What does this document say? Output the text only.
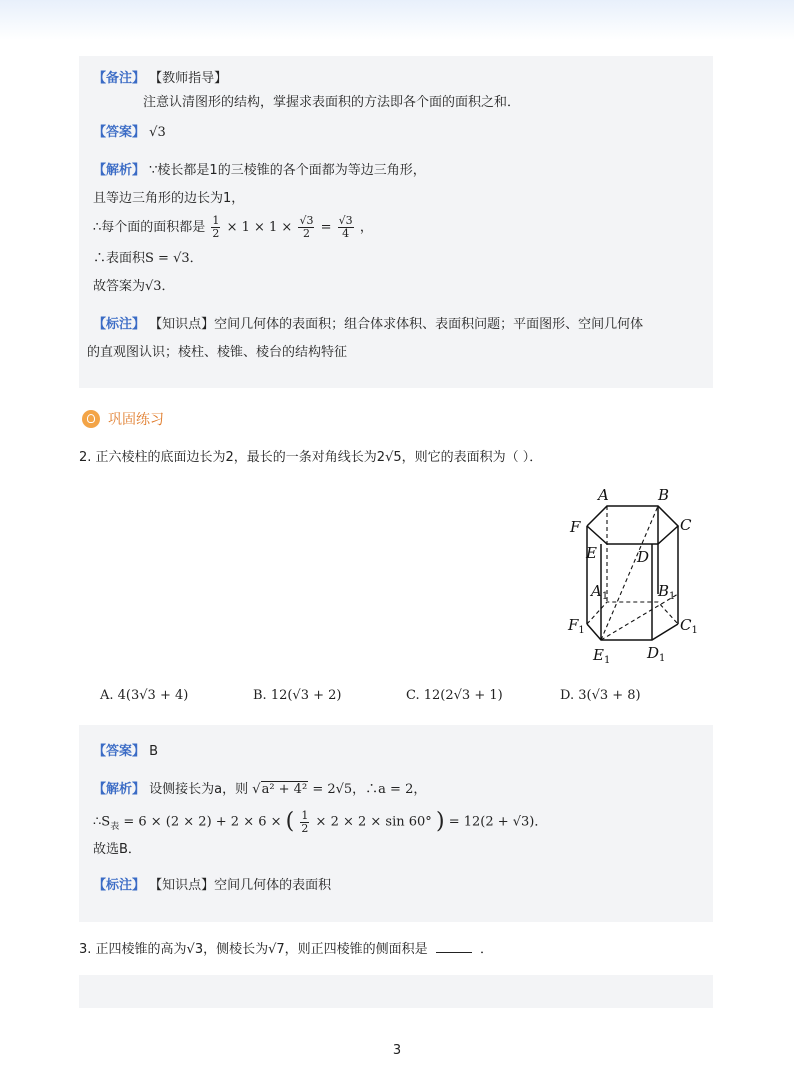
【备注】 【教师指导】
注意认清图形的结构，掌握求表面积的方法即各个面的面积之和．
【答案】 √3
【解析】 ∵棱长都是1的三棱锥的各个面都为等边三角形，
且等边三角形的边长为1，
∴每个面的面积都是 $\frac{1}{2} \times 1 \times 1 \times \frac{√3}{2} = \frac{√3}{4}$ ，
∴表面积S = √3．
故答案为√3．
【标注】 【知识点】空间几何体的表面积；组合体求体积、表面积问题；平面图形、空间几何体
的直观图认识；棱柱、棱锥、棱台的结构特征
巩固练习
2. 正六棱柱的底面边长为2，最长的一条对角线长为2√5，则它的表面积为（ ）．
A	B
C
D
E
F
$A_1$	$B_1$
$C_1$
$D_1$
$E_1$
$F_1$
A. 4(3√3 + 4)	B. 12(√3 + 2)	C. 12(2√3 + 1)	D. 3(√3 + 8)
【答案】 B
【解析】 设侧接长为a，则 √a² + 4² = 2√5，∴a = 2，
$\therefore S_表 = 6 \times (2 \times 2) + 2 \times 6$ × ( $\frac{1}{2} \times 2 \times 2 \times \sin 60^\circ$ ) = 12(2 + √3)．
故选B．
【标注】 【知识点】空间几何体的表面积
3. 正四棱锥的高为√3，侧棱长为√7，则正四棱锥的侧面积是	．
3
